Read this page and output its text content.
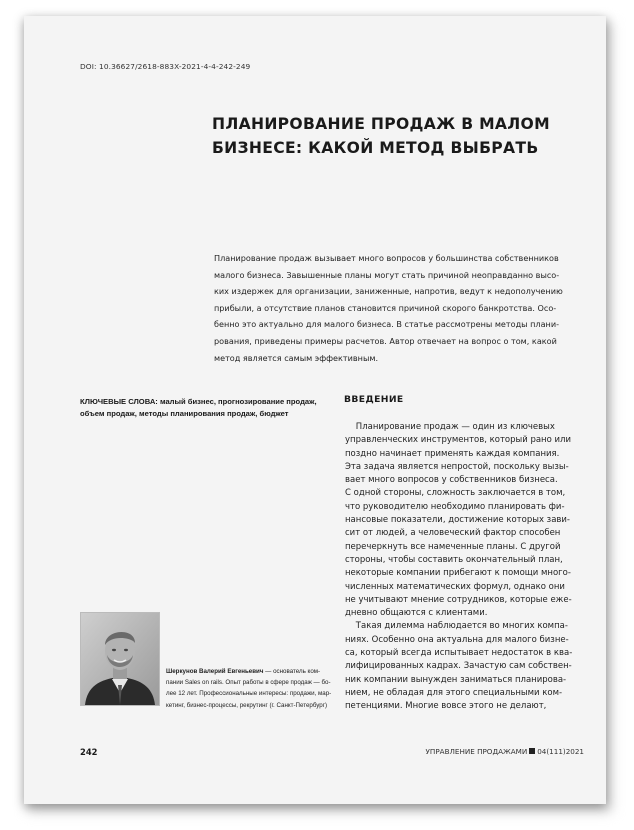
DOI: 10.36627/2618-883X-2021-4-4-242-249
ПЛАНИРОВАНИЕ ПРОДАЖ В МАЛОМ
БИЗНЕСЕ: КАКОЙ МЕТОД ВЫБРАТЬ
Планирование продаж вызывает много вопросов у большинства собственников
малого бизнеса. Завышенные планы могут стать причиной неоправданно высо-
ких издержек для организации, заниженные, напротив, ведут к недополучению
прибыли, а отсутствие планов становится причиной скорого банкротства. Осо-
бенно это актуально для малого бизнеса. В статье рассмотрены методы плани-
рования, приведены примеры расчетов. Автор отвечает на вопрос о том, какой
метод является самым эффективным.
КЛЮЧЕВЫЕ СЛОВА: малый бизнес, прогнозирование продаж,
объем продаж, методы планирования продаж, бюджет
ВВЕДЕНИЕ
Планирование продаж — один из ключевых
управленческих инструментов, который рано или
поздно начинает применять каждая компания.
Эта задача является непростой, поскольку вызы-
вает много вопросов у собственников бизнеса.
С одной стороны, сложность заключается в том,
что руководителю необходимо планировать фи-
нансовые показатели, достижение которых зави-
сит от людей, а человеческий фактор способен
перечеркнуть все намеченные планы. С другой
стороны, чтобы составить окончательный план,
некоторые компании прибегают к помощи много-
численных математических формул, однако они
не учитывают мнение сотрудников, которые еже-
дневно общаются с клиентами.
Такая дилемма наблюдается во многих компа-
ниях. Особенно она актуальна для малого бизне-
са, который всегда испытывает недостаток в ква-
лифицированных кадрах. Зачастую сам собствен-
ник компании вынужден заниматься планирова-
нием, не обладая для этого специальными ком-
петенциями. Многие вовсе этого не делают,
Шеркунов Валерий Евгеньевич — основатель ком-
пании Sales on rails. Опыт работы в сфере продаж — бо-
лее 12 лет. Профессиональные интересы: продажи, мар-
кетинг, бизнес-процессы, рекрутинг (г. Санкт-Петербург)
242	УПРАВЛЕНИЕ ПРОДАЖАМИ 04(111)2021
